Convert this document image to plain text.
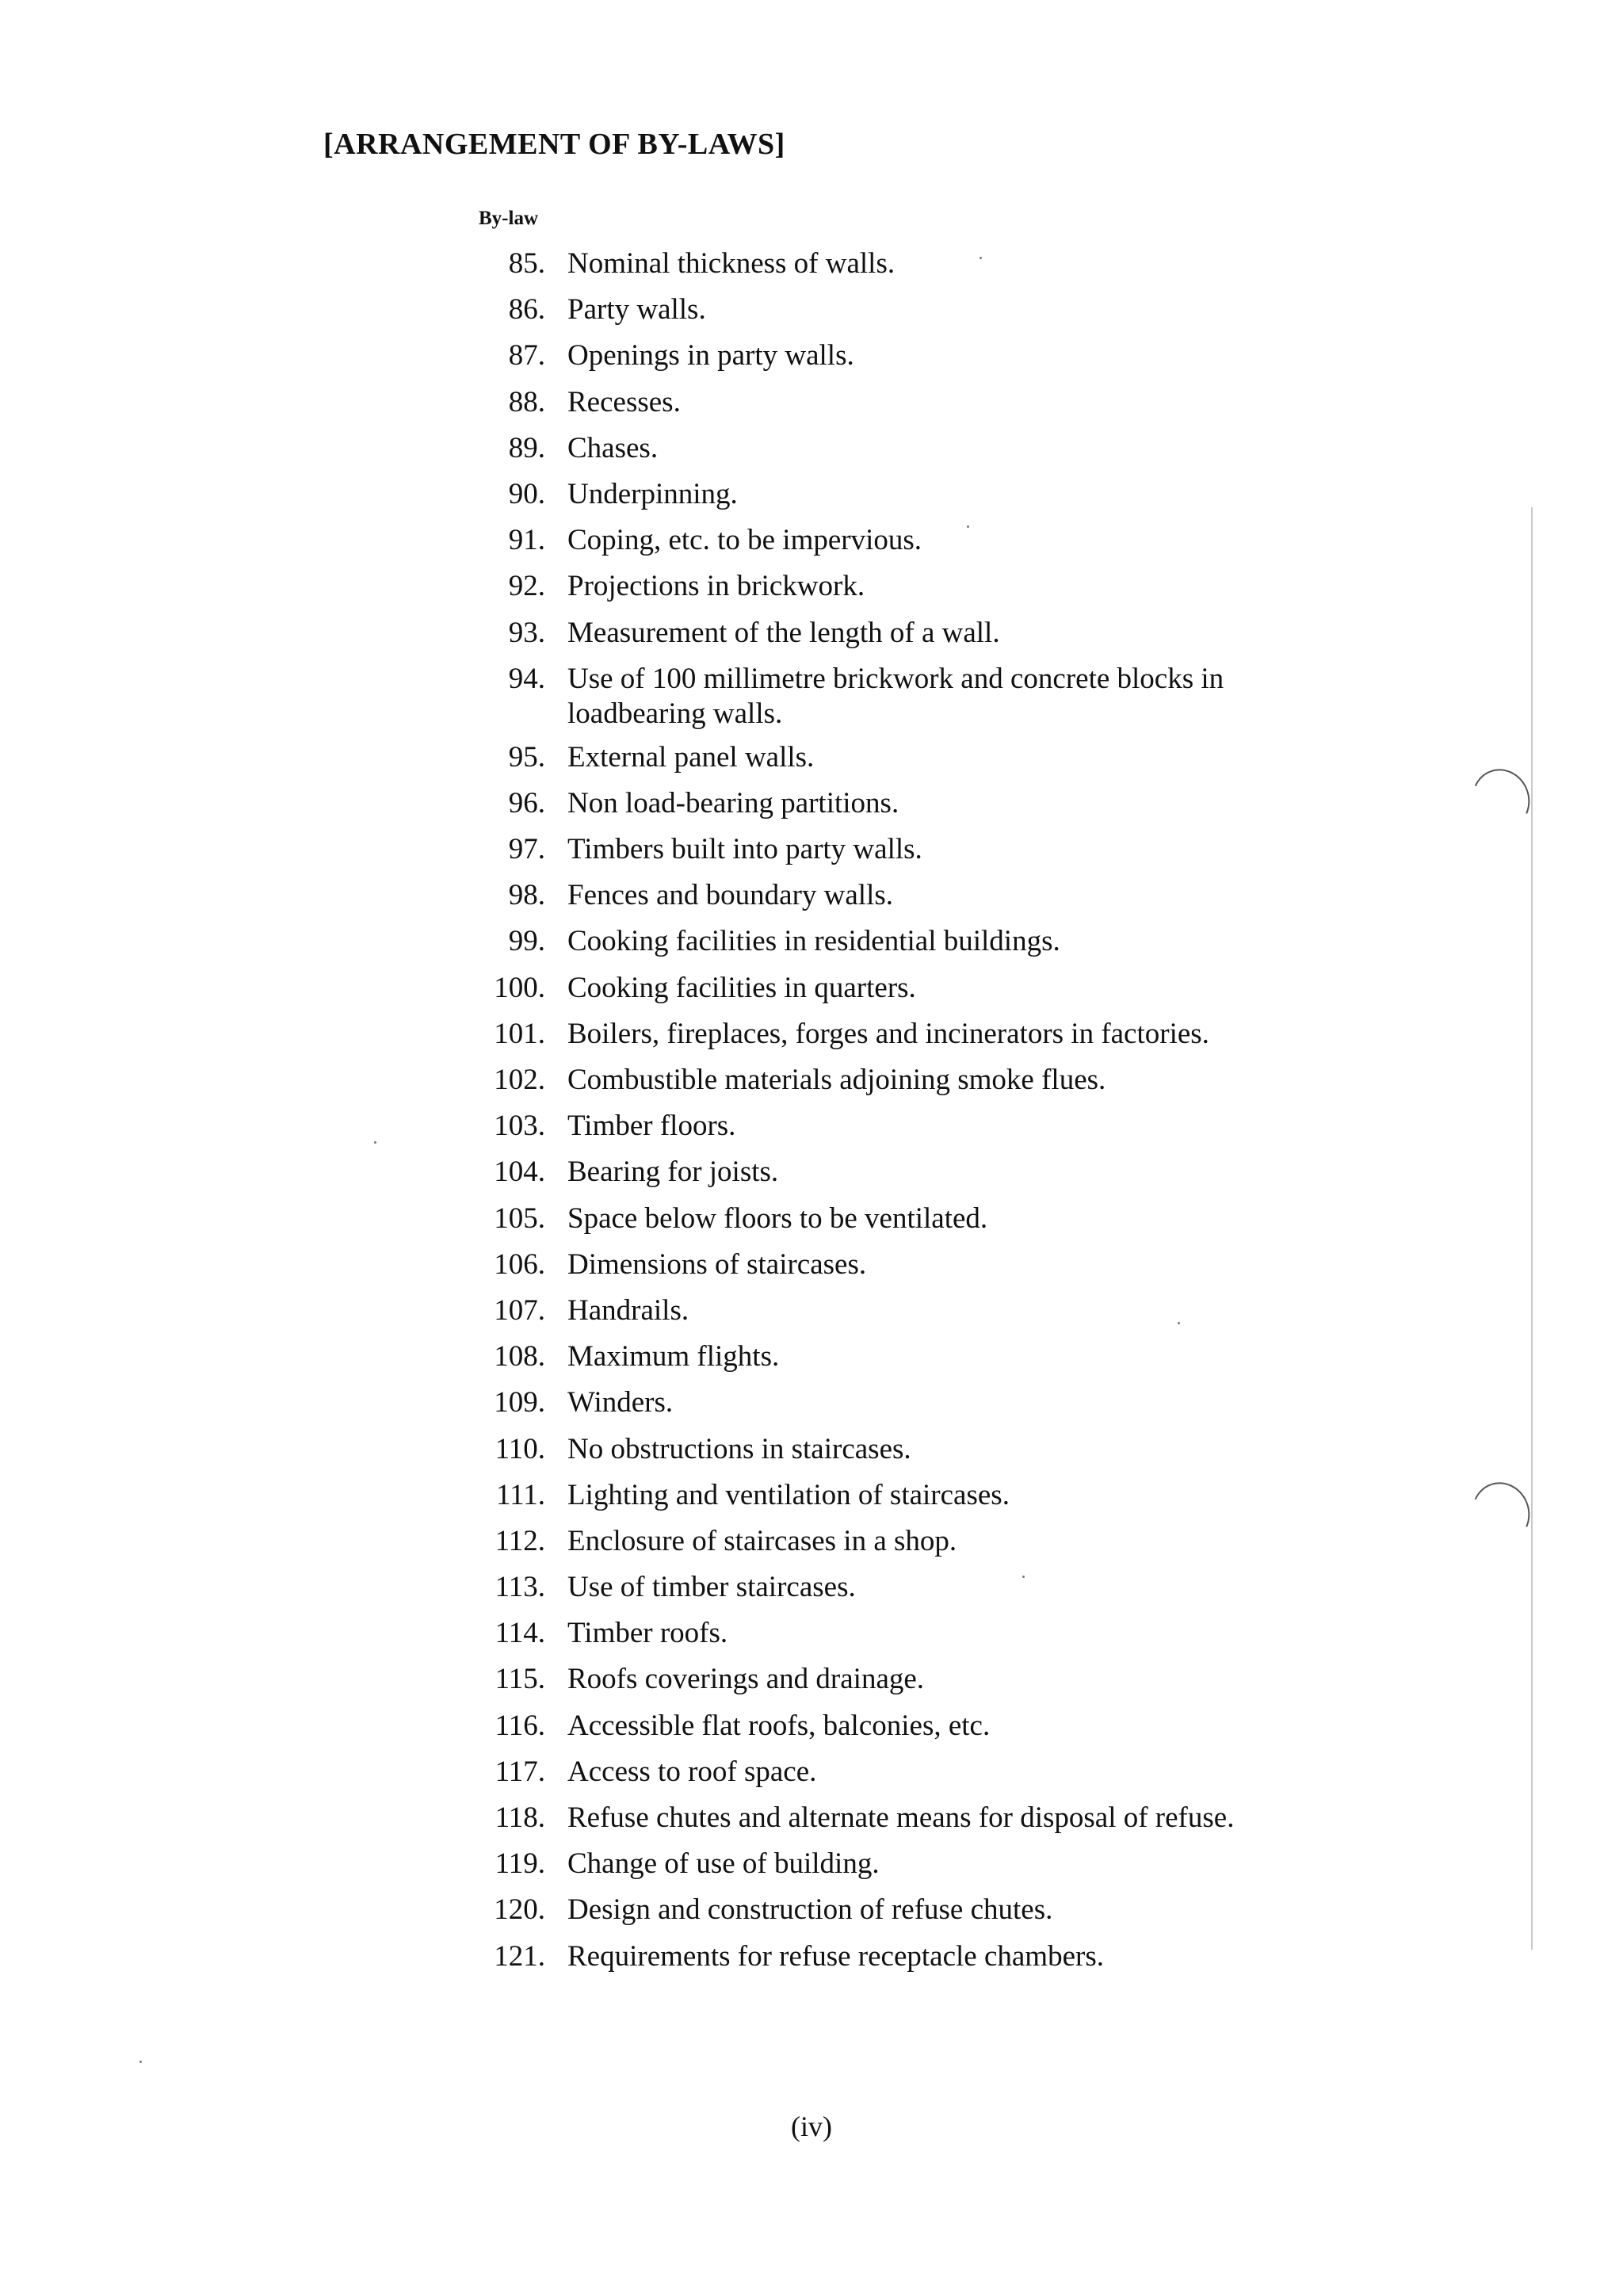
[ARRANGEMENT OF BY-LAWS]
By-law
85. Nominal thickness of walls.
86. Party walls.
87. Openings in party walls.
88. Recesses.
89. Chases.
90. Underpinning.
91. Coping, etc. to be impervious.
92. Projections in brickwork.
93. Measurement of the length of a wall.
94. Use of 100 millimetre brickwork and concrete blocks in loadbearing walls.
95. External panel walls.
96. Non load-bearing partitions.
97. Timbers built into party walls.
98. Fences and boundary walls.
99. Cooking facilities in residential buildings.
100. Cooking facilities in quarters.
101. Boilers, fireplaces, forges and incinerators in factories.
102. Combustible materials adjoining smoke flues.
103. Timber floors.
104. Bearing for joists.
105. Space below floors to be ventilated.
106. Dimensions of staircases.
107. Handrails.
108. Maximum flights.
109. Winders.
110. No obstructions in staircases.
111. Lighting and ventilation of staircases.
112. Enclosure of staircases in a shop.
113. Use of timber staircases.
114. Timber roofs.
115. Roofs coverings and drainage.
116. Accessible flat roofs, balconies, etc.
117. Access to roof space.
118. Refuse chutes and alternate means for disposal of refuse.
119. Change of use of building.
120. Design and construction of refuse chutes.
121. Requirements for refuse receptacle chambers.
(iv)
